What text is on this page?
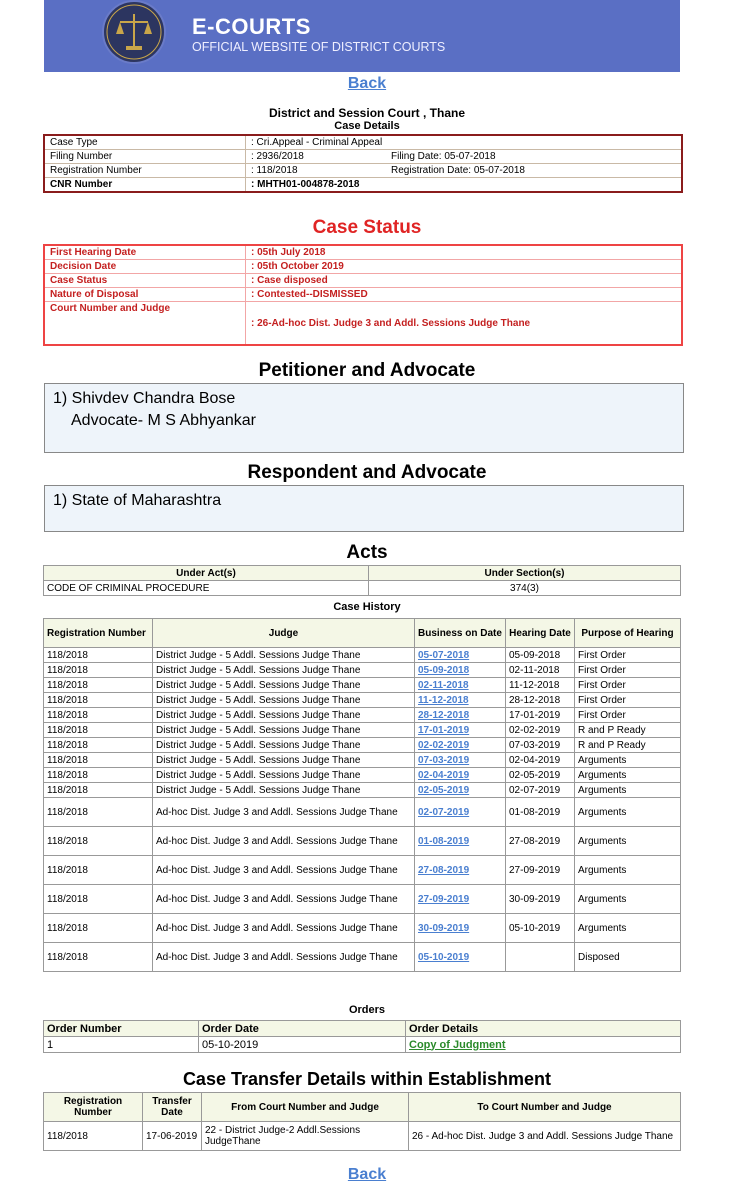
E-COURTS
OFFICIAL WEBSITE OF DISTRICT COURTS
Back
District and Session Court , Thane
Case Details
Case Type	: Cri.Appeal - Criminal Appeal	
Filing Number	: 2936/2018	Filing Date: 05-07-2018
Registration Number	: 118/2018	Registration Date: 05-07-2018
CNR Number	: MHTH01-004878-2018	
Case Status
First Hearing Date	: 05th July 2018
Decision Date	: 05th October 2019
Case Status	: Case disposed
Nature of Disposal	: Contested--DISMISSED
Court Number and Judge	: 26-Ad-hoc Dist. Judge 3 and Addl. Sessions Judge Thane
Petitioner and Advocate
1) Shivdev Chandra Bose
Advocate- M S Abhyankar
Respondent and Advocate
1) State of Maharashtra
Acts
Under Act(s)	Under Section(s)
CODE OF CRIMINAL PROCEDURE	374(3)
Case History
Registration Number	Judge	Business on Date	Hearing Date	Purpose of Hearing
118/2018	District Judge - 5 Addl. Sessions Judge Thane	05-07-2018	05-09-2018	First Order
118/2018	District Judge - 5 Addl. Sessions Judge Thane	05-09-2018	02-11-2018	First Order
118/2018	District Judge - 5 Addl. Sessions Judge Thane	02-11-2018	11-12-2018	First Order
118/2018	District Judge - 5 Addl. Sessions Judge Thane	11-12-2018	28-12-2018	First Order
118/2018	District Judge - 5 Addl. Sessions Judge Thane	28-12-2018	17-01-2019	First Order
118/2018	District Judge - 5 Addl. Sessions Judge Thane	17-01-2019	02-02-2019	R and P Ready
118/2018	District Judge - 5 Addl. Sessions Judge Thane	02-02-2019	07-03-2019	R and P Ready
118/2018	District Judge - 5 Addl. Sessions Judge Thane	07-03-2019	02-04-2019	Arguments
118/2018	District Judge - 5 Addl. Sessions Judge Thane	02-04-2019	02-05-2019	Arguments
118/2018	District Judge - 5 Addl. Sessions Judge Thane	02-05-2019	02-07-2019	Arguments
118/2018	Ad-hoc Dist. Judge 3 and Addl. Sessions Judge Thane	02-07-2019	01-08-2019	Arguments
118/2018	Ad-hoc Dist. Judge 3 and Addl. Sessions Judge Thane	01-08-2019	27-08-2019	Arguments
118/2018	Ad-hoc Dist. Judge 3 and Addl. Sessions Judge Thane	27-08-2019	27-09-2019	Arguments
118/2018	Ad-hoc Dist. Judge 3 and Addl. Sessions Judge Thane	27-09-2019	30-09-2019	Arguments
118/2018	Ad-hoc Dist. Judge 3 and Addl. Sessions Judge Thane	30-09-2019	05-10-2019	Arguments
118/2018	Ad-hoc Dist. Judge 3 and Addl. Sessions Judge Thane	05-10-2019		Disposed
Orders
Order Number	Order Date	Order Details
1	05-10-2019	Copy of Judgment
Case Transfer Details within Establishment
Registration Number	Transfer Date	From Court Number and Judge	To Court Number and Judge
118/2018	17-06-2019	22 - District Judge-2 Addl.Sessions JudgeThane	26 - Ad-hoc Dist. Judge 3 and Addl. Sessions Judge Thane
Back
